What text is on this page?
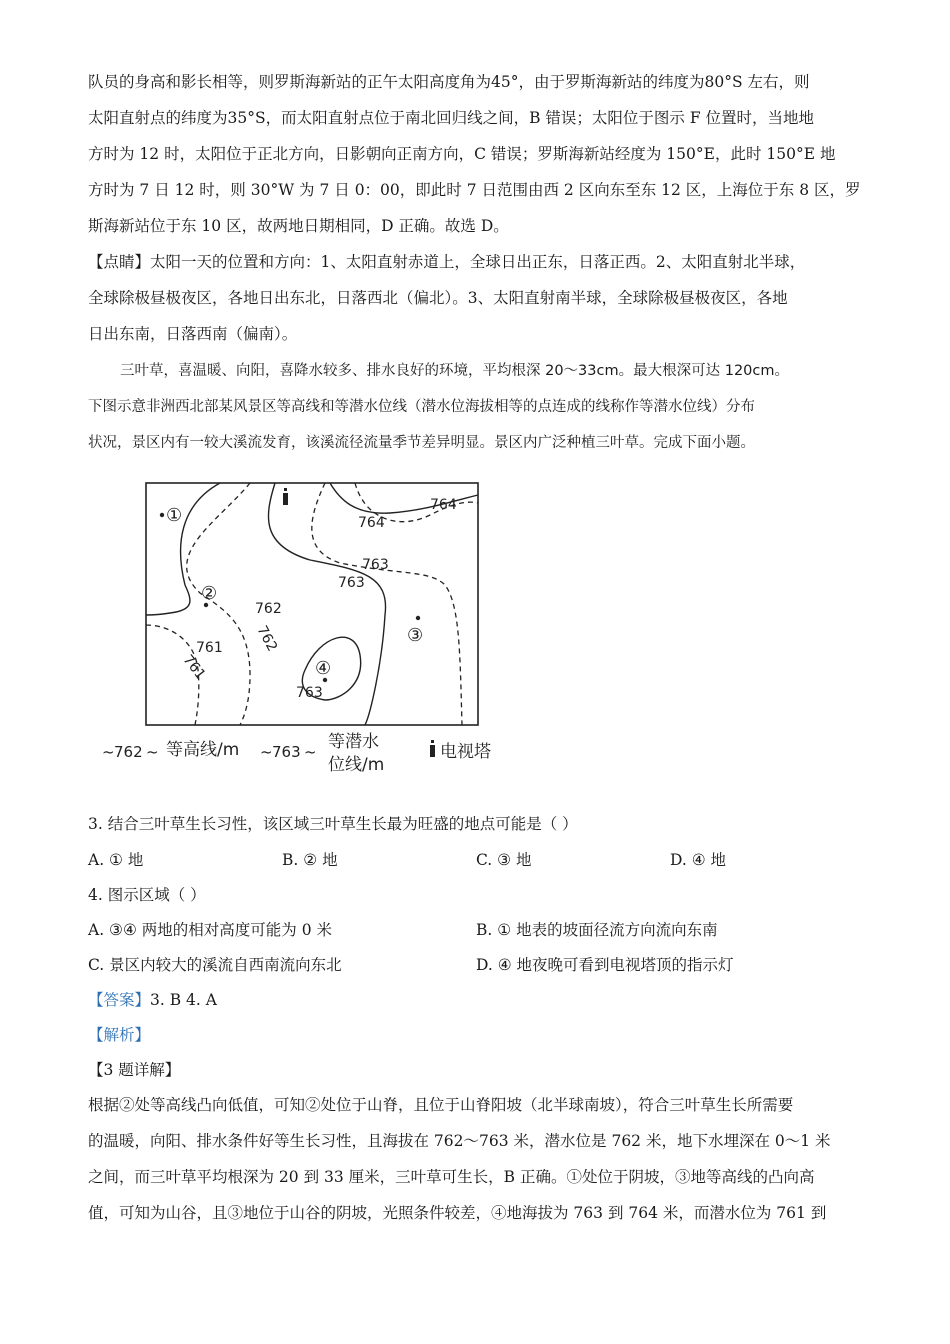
队员的身高和影长相等，则罗斯海新站的正午太阳高度角为45°，由于罗斯海新站的纬度为80°S 左右，则
太阳直射点的纬度为35°S，而太阳直射点位于南北回归线之间，B 错误；太阳位于图示 F 位置时，当地地
方时为 12 时，太阳位于正北方向，日影朝向正南方向，C 错误；罗斯海新站经度为 150°E，此时 150°E 地
方时为 7 日 12 时，则 30°W 为 7 日 0：00，即此时 7 日范围由西 2 区向东至东 12 区，上海位于东 8 区，罗
斯海新站位于东 10 区，故两地日期相同，D 正确。故选 D。
【点睛】太阳一天的位置和方向：1、太阳直射赤道上，全球日出正东，日落正西。2、太阳直射北半球，
全球除极昼极夜区，各地日出东北，日落西北（偏北）。3、太阳直射南半球，全球除极昼极夜区，各地
日出东南，日落西南（偏南）。
三叶草，喜温暖、向阳，喜降水较多、排水良好的环境，平均根深 20～33cm。最大根深可达 120cm。
下图示意非洲西北部某风景区等高线和等潜水位线（潜水位海拔相等的点连成的线称作等潜水位线）分布
状况，景区内有一较大溪流发育，该溪流径流量季节差异明显。景区内广泛种植三叶草。完成下面小题。
764
764
763
763
762
762
761
761
763
①
②
③
④
~ 762 ~ 等高线/m ~ 763 ~ 等潜水
位线/m
电视塔
3. 结合三叶草生长习性，该区域三叶草生长最为旺盛的地点可能是（ ）
A. ① 地	B. ② 地	C. ③ 地	D. ④ 地
4. 图示区域（ ）
A. ③④ 两地的相对高度可能为 0 米	B. ① 地表的坡面径流方向流向东南
C. 景区内较大的溪流自西南流向东北	D. ④ 地夜晚可看到电视塔顶的指示灯
【答案】3. B 4. A
【解析】
【3 题详解】
根据②处等高线凸向低值，可知②处位于山脊，且位于山脊阳坡（北半球南坡），符合三叶草生长所需要
的温暖，向阳、排水条件好等生长习性，且海拔在 762～763 米，潜水位是 762 米，地下水埋深在 0～1 米
之间，而三叶草平均根深为 20 到 33 厘米，三叶草可生长，B 正确。①处位于阴坡，③地等高线的凸向高
值，可知为山谷，且③地位于山谷的阴坡，光照条件较差，④地海拔为 763 到 764 米，而潜水位为 761 到
